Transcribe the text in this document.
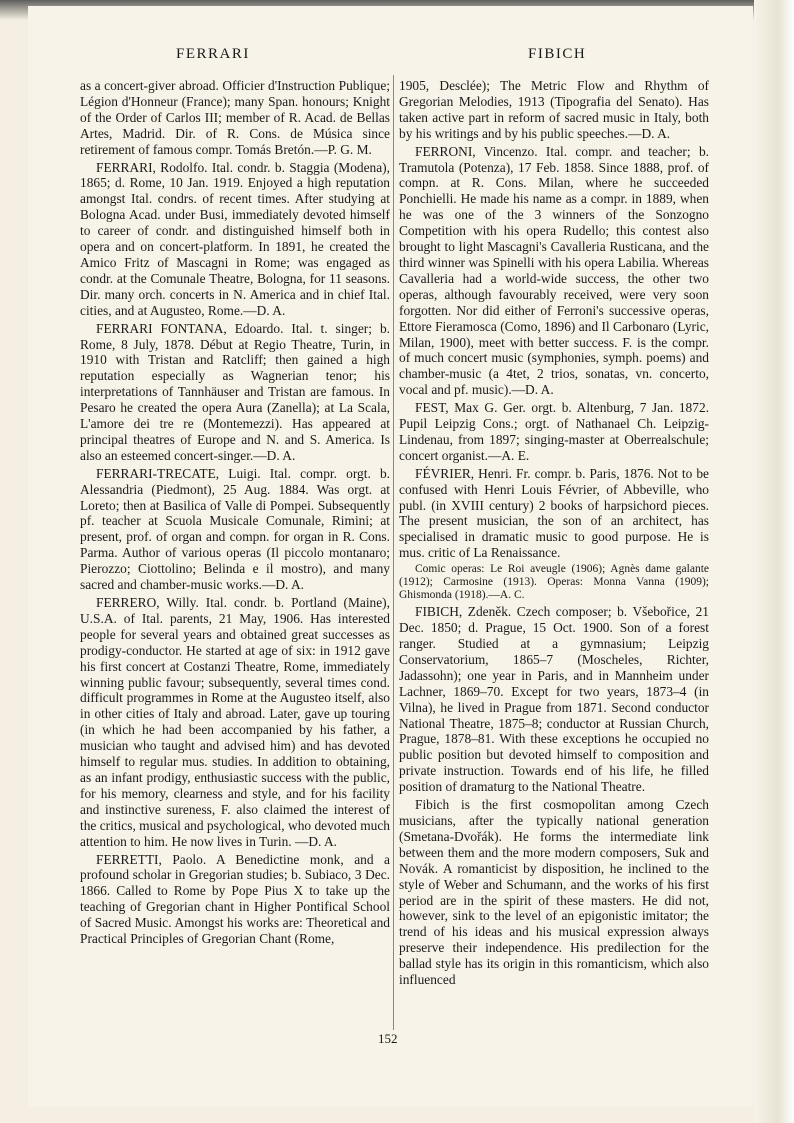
FERRARI	FIBICH

as a concert-giver abroad. Officier d'Instruction Publique; Légion d'Honneur (France); many Span. honours; Knight of the Order of Carlos III; member of R. Acad. de Bellas Artes, Madrid. Dir. of R. Cons. de Música since retirement of famous compr. Tomás Bretón.—P. G. M.

FERRARI, Rodolfo. Ital. condr. b. Staggia (Modena), 1865; d. Rome, 10 Jan. 1919. Enjoyed a high reputation amongst Ital. condrs. of recent times. After studying at Bologna Acad. under Busi, immediately devoted himself to career of condr. and distinguished himself both in opera and on concert-platform. In 1891, he created the Amico Fritz of Mascagni in Rome; was engaged as condr. at the Comunale Theatre, Bologna, for 11 seasons. Dir. many orch. concerts in N. America and in chief Ital. cities, and at Augusteo, Rome.—D. A.

FERRARI FONTANA, Edoardo. Ital. t. singer; b. Rome, 8 July, 1878. Début at Regio Theatre, Turin, in 1910 with Tristan and Ratcliff; then gained a high reputation especially as Wagnerian tenor; his interpretations of Tannhäuser and Tristan are famous. In Pesaro he created the opera Aura (Zanella); at La Scala, L'amore dei tre re (Montemezzi). Has appeared at principal theatres of Europe and N. and S. America. Is also an esteemed concert-singer.—D. A.

FERRARI-TRECATE, Luigi. Ital. compr. orgt. b. Alessandria (Piedmont), 25 Aug. 1884. Was orgt. at Loreto; then at Basilica of Valle di Pompei. Subsequently pf. teacher at Scuola Musicale Comunale, Rimini; at present, prof. of organ and compn. for organ in R. Cons. Parma. Author of various operas (Il piccolo montanaro; Pierozzo; Ciottolino; Belinda e il mostro), and many sacred and chamber-music works.—D. A.

FERRERO, Willy. Ital. condr. b. Portland (Maine), U.S.A. of Ital. parents, 21 May, 1906. Has interested people for several years and obtained great successes as prodigy-conductor. He started at age of six: in 1912 gave his first concert at Costanzi Theatre, Rome, immediately winning public favour; subsequently, several times cond. difficult programmes in Rome at the Augusteo itself, also in other cities of Italy and abroad. Later, gave up touring (in which he had been accompanied by his father, a musician who taught and advised him) and has devoted himself to regular mus. studies. In addition to obtaining, as an infant prodigy, enthusiastic success with the public, for his memory, clearness and style, and for his facility and instinctive sureness, F. also claimed the interest of the critics, musical and psychological, who devoted much attention to him. He now lives in Turin. —D. A.

FERRETTI, Paolo. A Benedictine monk, and a profound scholar in Gregorian studies; b. Subiaco, 3 Dec. 1866. Called to Rome by Pope Pius X to take up the teaching of Gregorian chant in Higher Pontifical School of Sacred Music. Amongst his works are: Theoretical and Practical Principles of Gregorian Chant (Rome,

1905, Desclée); The Metric Flow and Rhythm of Gregorian Melodies, 1913 (Tipografia del Senato). Has taken active part in reform of sacred music in Italy, both by his writings and by his public speeches.—D. A.

FERRONI, Vincenzo. Ital. compr. and teacher; b. Tramutola (Potenza), 17 Feb. 1858. Since 1888, prof. of compn. at R. Cons. Milan, where he succeeded Ponchielli. He made his name as a compr. in 1889, when he was one of the 3 winners of the Sonzogno Competition with his opera Rudello; this contest also brought to light Mascagni's Cavalleria Rusticana, and the third winner was Spinelli with his opera Labilia. Whereas Cavalleria had a world-wide success, the other two operas, although favourably received, were very soon forgotten. Nor did either of Ferroni's successive operas, Ettore Fieramosca (Como, 1896) and Il Carbonaro (Lyric, Milan, 1900), meet with better success. F. is the compr. of much concert music (symphonies, symph. poems) and chamber-music (a 4tet, 2 trios, sonatas, vn. concerto, vocal and pf. music).—D. A.

FEST, Max G. Ger. orgt. b. Altenburg, 7 Jan. 1872. Pupil Leipzig Cons.; orgt. of Nathanael Ch. Leipzig-Lindenau, from 1897; singing-master at Oberrealschule; concert organist.—A. E.

FÉVRIER, Henri. Fr. compr. b. Paris, 1876. Not to be confused with Henri Louis Février, of Abbeville, who publ. (in XVIII century) 2 books of harpsichord pieces. The present musician, the son of an architect, has specialised in dramatic music to good purpose. He is mus. critic of La Renaissance.

Comic operas: Le Roi aveugle (1906); Agnès dame galante (1912); Carmosine (1913). Operas: Monna Vanna (1909); Ghismonda (1918).—A. C.

FIBICH, Zdeněk. Czech composer; b. Všebořice, 21 Dec. 1850; d. Prague, 15 Oct. 1900. Son of a forest ranger. Studied at a gymnasium; Leipzig Conservatorium, 1865–7 (Moscheles, Richter, Jadassohn); one year in Paris, and in Mannheim under Lachner, 1869–70. Except for two years, 1873–4 (in Vilna), he lived in Prague from 1871. Second conductor National Theatre, 1875–8; conductor at Russian Church, Prague, 1878–81. With these exceptions he occupied no public position but devoted himself to composition and private instruction. Towards end of his life, he filled position of dramaturg to the National Theatre.

Fibich is the first cosmopolitan among Czech musicians, after the typically national generation (Smetana-Dvořák). He forms the intermediate link between them and the more modern composers, Suk and Novák. A romanticist by disposition, he inclined to the style of Weber and Schumann, and the works of his first period are in the spirit of these masters. He did not, however, sink to the level of an epigonistic imitator; the trend of his ideas and his musical expression always preserve their independence. His predilection for the ballad style has its origin in this romanticism, which also influenced

152
